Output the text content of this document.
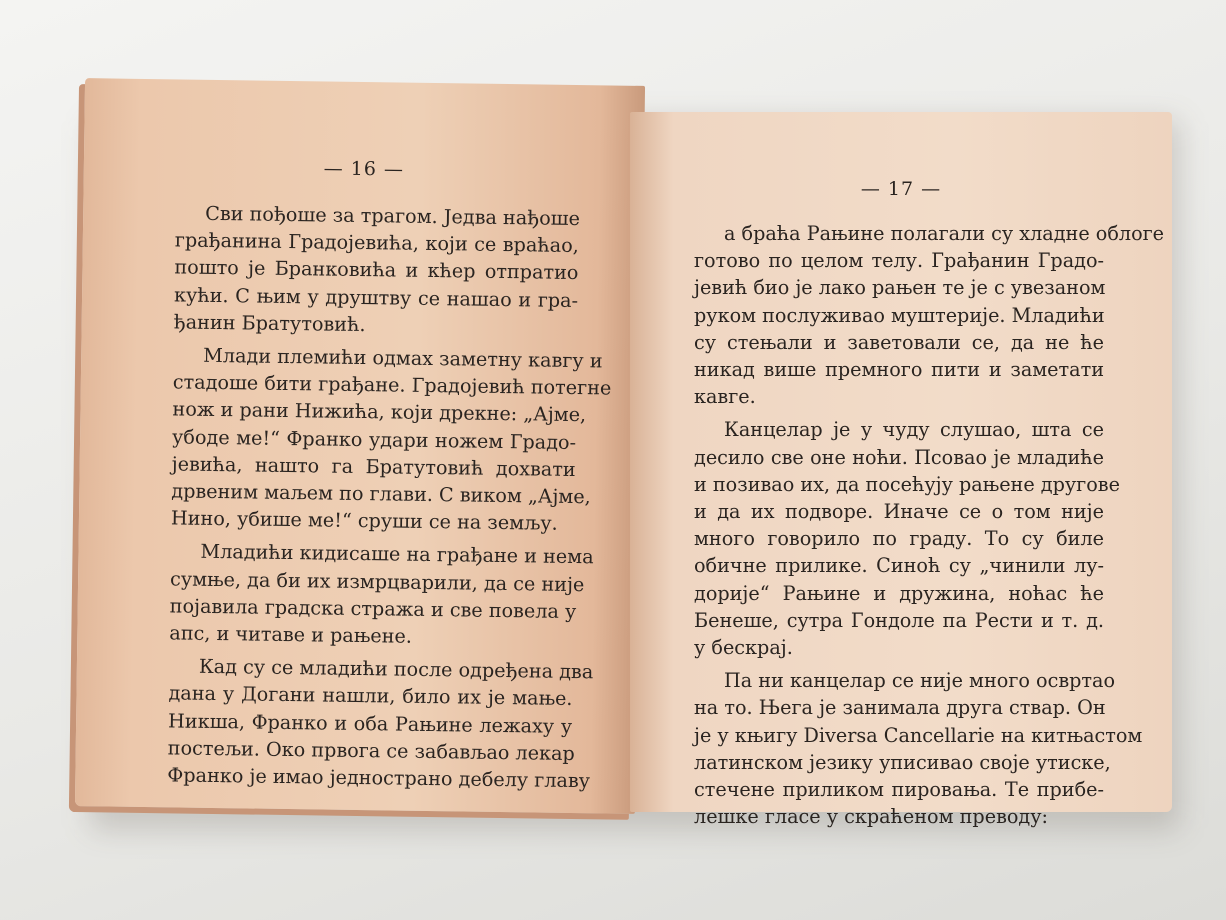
— 16 —
Сви пођоше за трагом. Једва нађоше
грађанина Градојевића, који се враћао,
пошто је Бранковића и кћер отпратио
кући. С њим у друштву се нашао и гра-
ђанин Братутовић.
Млади племићи одмах заметну кавгу и
стадоше бити грађане. Градојевић потегне
нож и рани Нижића, који дрекне: „Ајме,
убоде ме!“ Франко удари ножем Градо-
јевића, нашто га Братутовић дохвати
дрвеним маљем по глави. С виком „Ајме,
Нино, убише ме!“ сруши се на земљу.
Младићи кидисаше на грађане и нема
сумње, да би их измрцварили, да се није
појавила градска стража и све повела у
апс, и читаве и рањене.
Кад су се младићи после одређена два
дана у Догани нашли, било их је мање.
Никша, Франко и оба Рањине лежаху у
постељи. Око првога се забављао лекар
Франко је имао једнострано дебелу главу
— 17 —
а браћа Рањине полагали су хладне облоге
готово по целом телу. Грађанин Градо-
јевић био је лако рањен те је с увезаном
руком послуживао муштерије. Младићи
су стењали и заветовали се, да не ће
никад више премного пити и заметати
кавге.
Канцелар је у чуду слушао, шта се
десило све оне ноћи. Псовао је младиће
и позивао их, да посећују рањене другове
и да их подворе. Иначе се о том није
много говорило по граду. То су биле
обичне прилике. Синоћ су „чинили лу-
дорије“ Рањине и дружина, ноћас ће
Бенеше, сутра Гондоле па Рести и т. д.
у бескрај.
Па ни канцелар се није много освртао
на то. Њега је занимала друга ствар. Он
је у књигу Diversa Cancellarie на китњастом
латинском језику уписивао своје утиске,
стечене приликом пировања. Те прибе-
лешке гласе у скраћеном преводу:
